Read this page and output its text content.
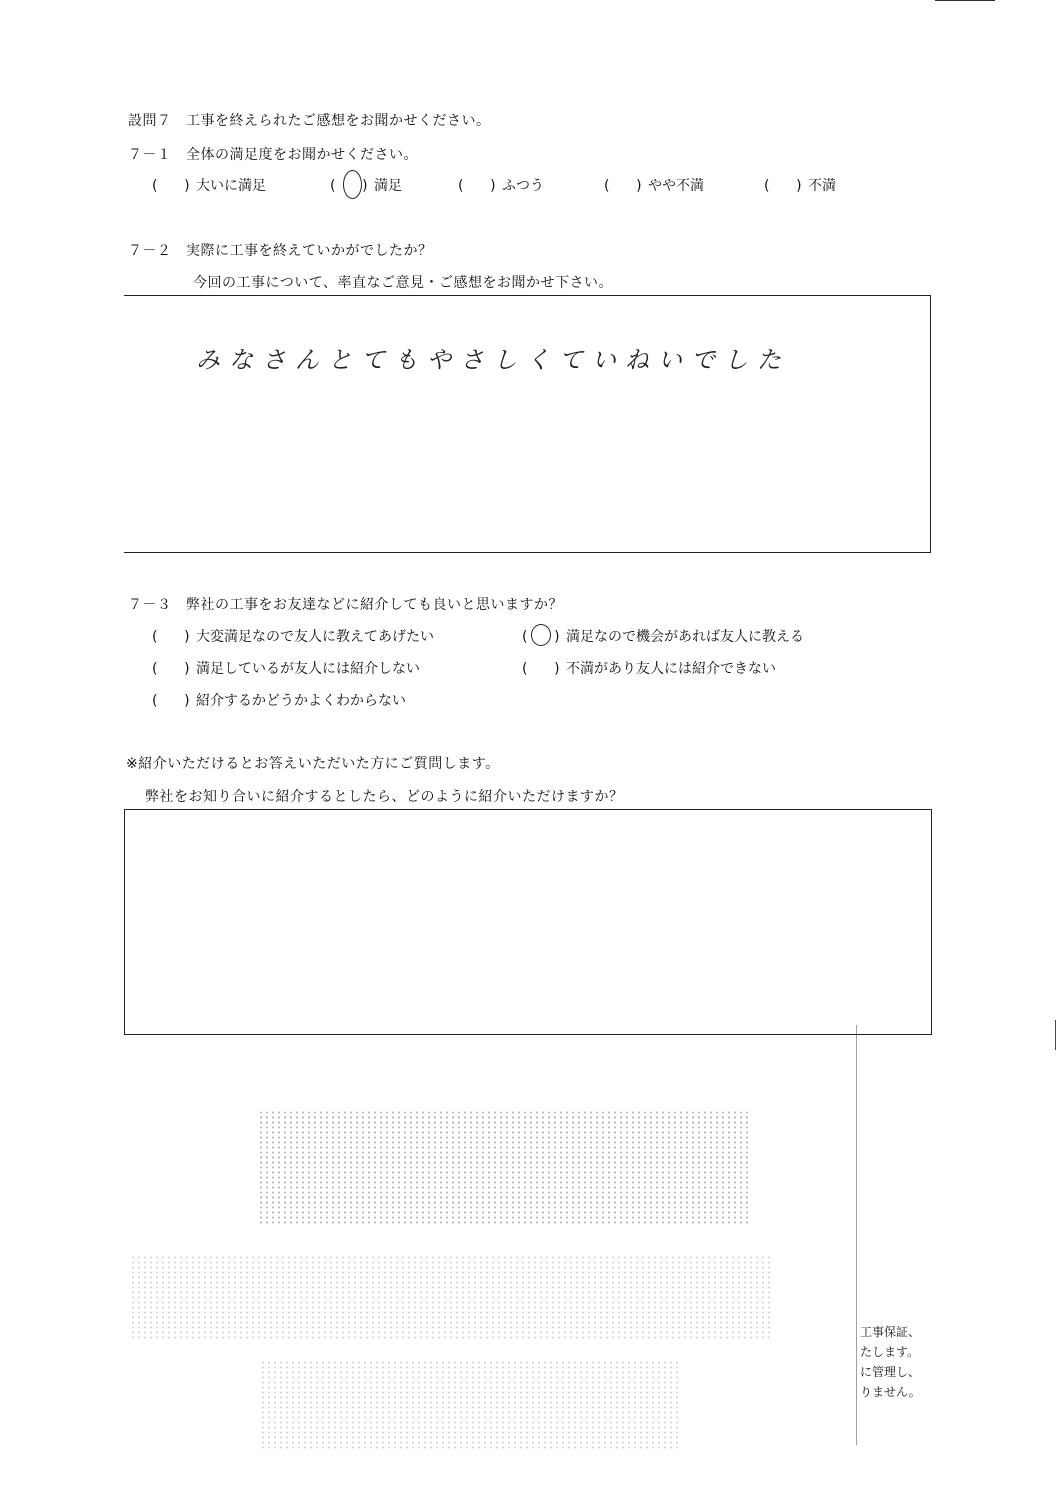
設問７　工事を終えられたご感想をお聞かせください。
７－１　全体の満足度をお聞かせください。
(      ) 大いに満足	(      ) 満足	(      ) ふつう	(      ) やや不満	(      ) 不満
７－２　実際に工事を終えていかがでしたか？
今回の工事について、率直なご意見・ご感想をお聞かせ下さい。
みなさんとてもやさしくていねいでした
７－３　弊社の工事をお友達などに紹介しても良いと思いますか？
(      ) 大変満足なので友人に教えてあげたい	(      ) 満足なので機会があれば友人に教える
(      ) 満足しているが友人には紹介しない	(      ) 不満があり友人には紹介できない
(      ) 紹介するかどうかよくわからない
※紹介いただけるとお答えいただいた方にご質問します。
弊社をお知り合いに紹介するとしたら、どのように紹介いただけますか？
工事保証、
たします。
に管理し、
りません。
